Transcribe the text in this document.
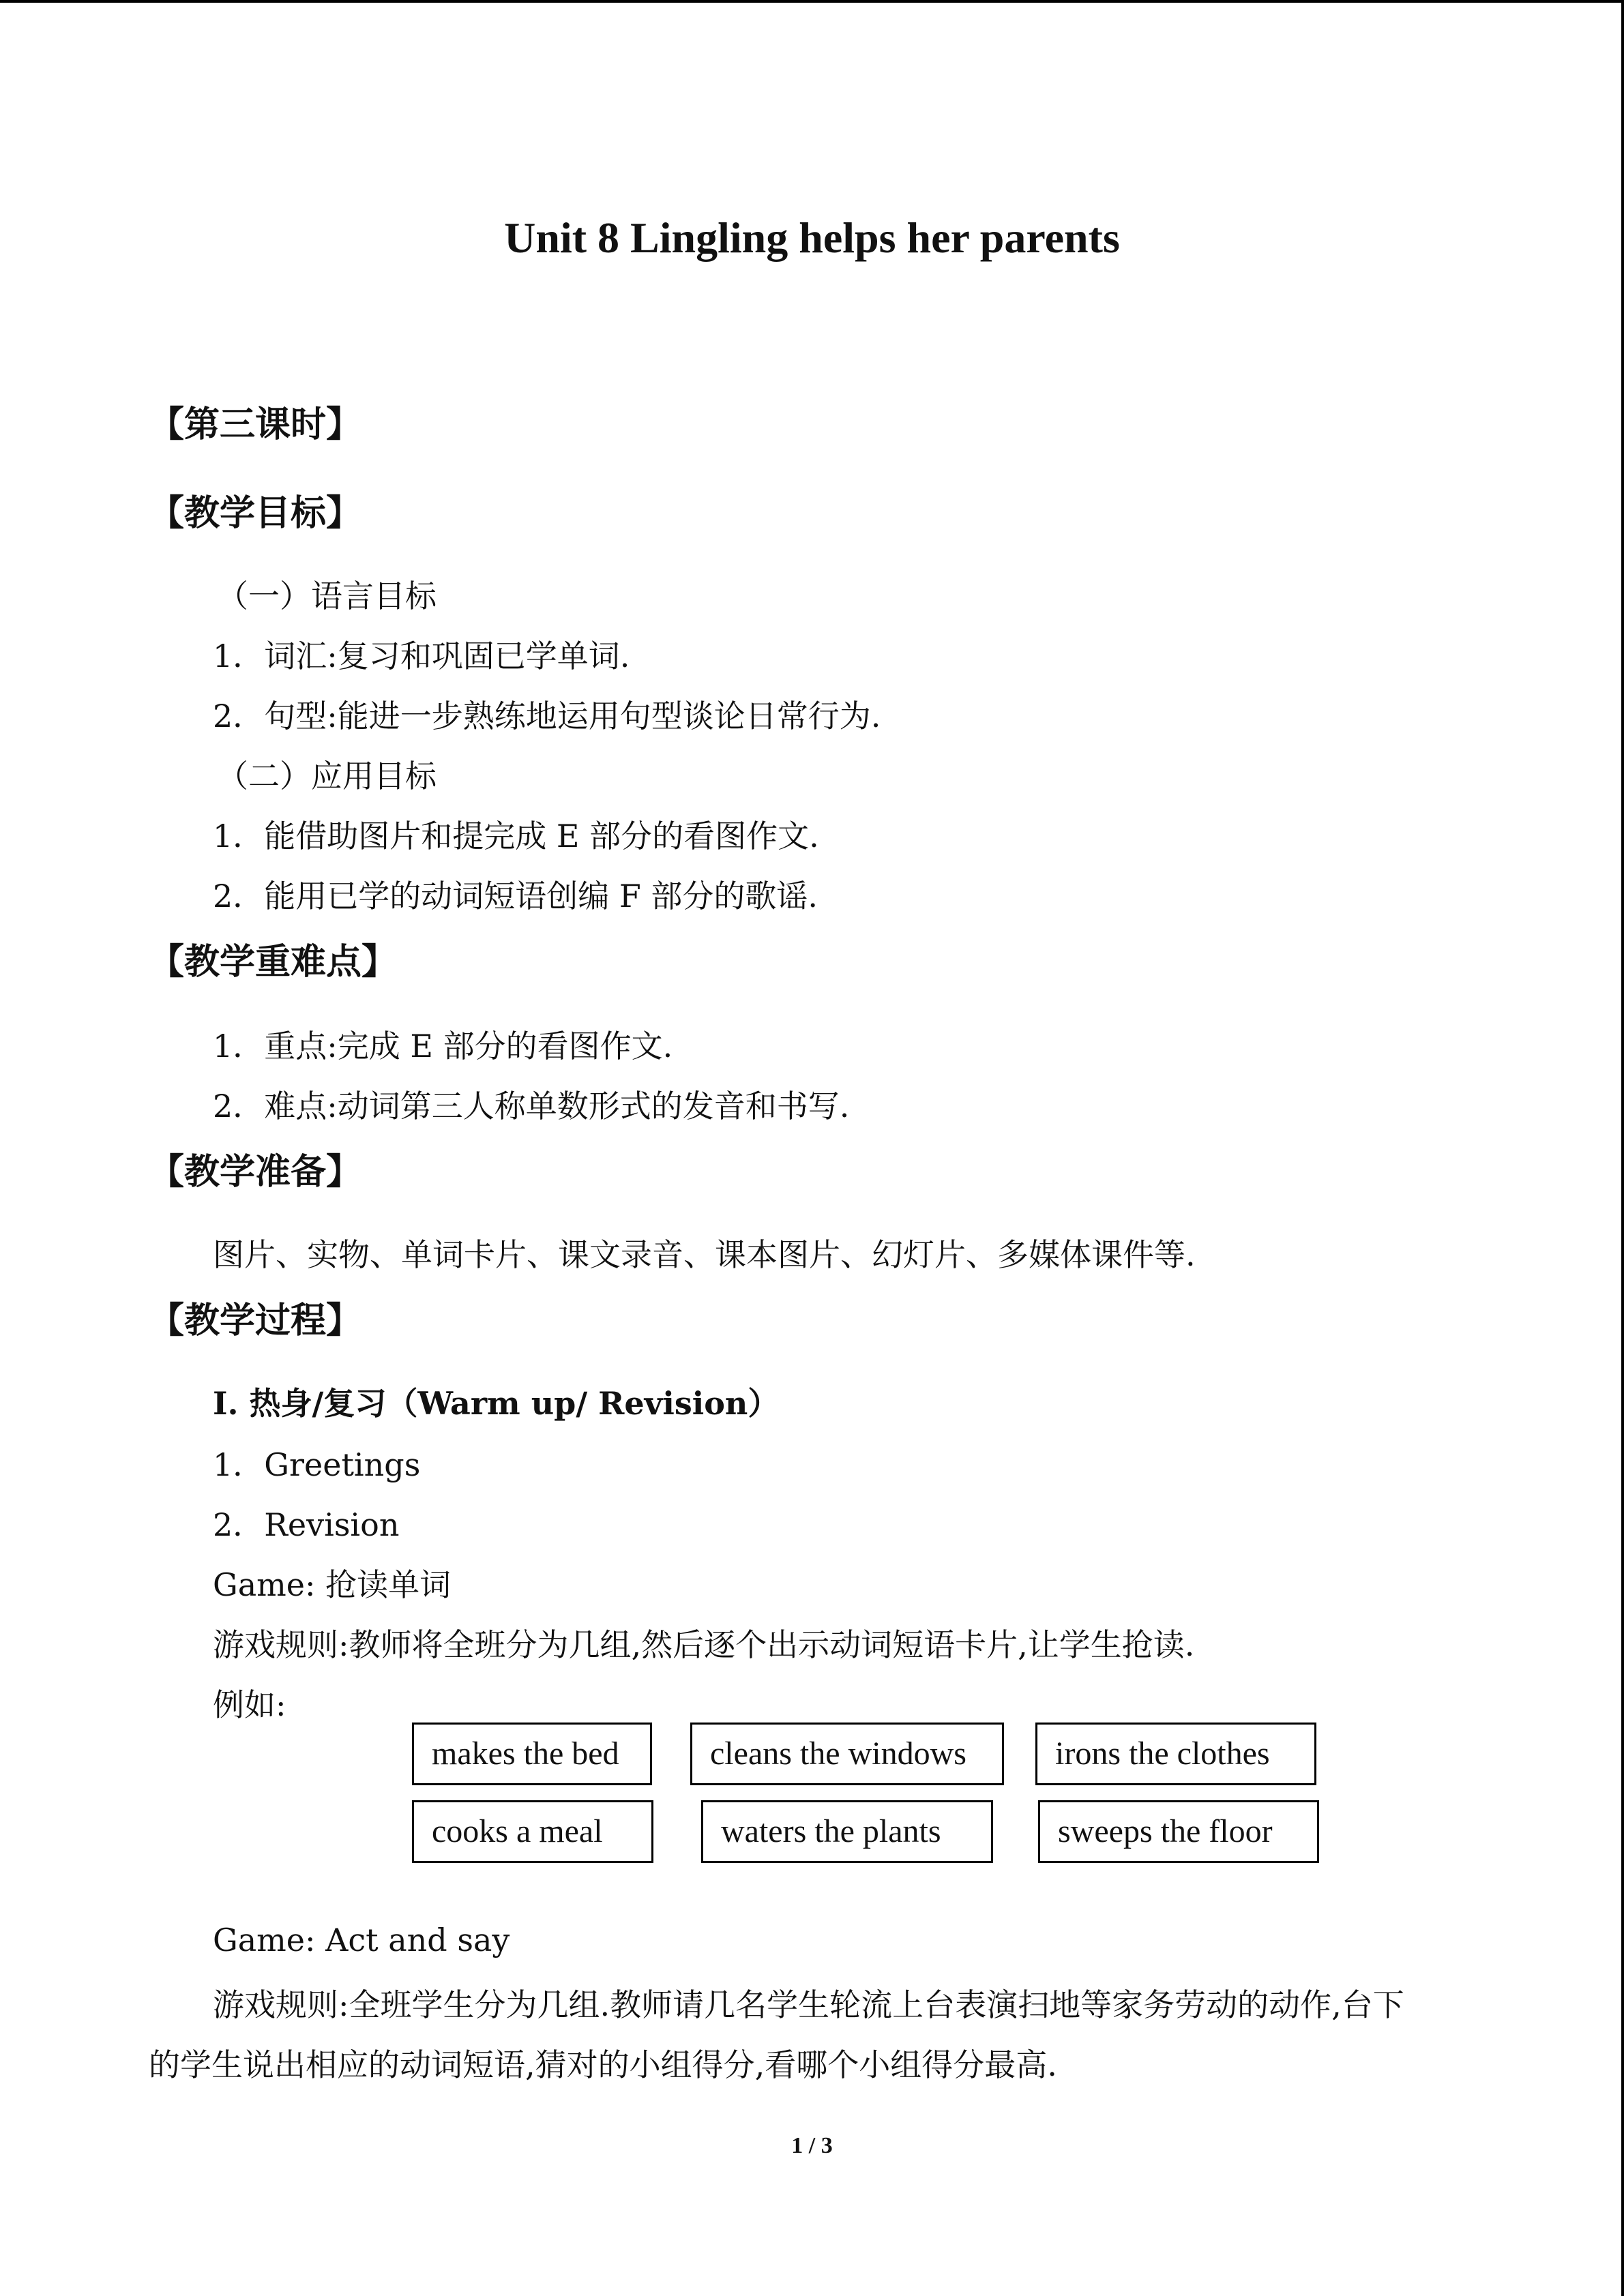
Unit 8 Lingling helps her parents
【第三课时】
【教学目标】
（一）语言目标
1．词汇:复习和巩固已学单词.
2．句型:能进一步熟练地运用句型谈论日常行为.
（二）应用目标
1．能借助图片和提完成 E 部分的看图作文.
2．能用已学的动词短语创编 F 部分的歌谣.
【教学重难点】
1．重点:完成 E 部分的看图作文.
2．难点:动词第三人称单数形式的发音和书写.
【教学准备】
图片、实物、单词卡片、课文录音、课本图片、幻灯片、多媒体课件等.
【教学过程】
I. 热身/复习（Warm up/ Revision）
1．Greetings
2．Revision
Game: 抢读单词
游戏规则:教师将全班分为几组,然后逐个出示动词短语卡片,让学生抢读.
例如:
makes the bed	cleans the windows	irons the clothes
cooks a meal	waters the plants	sweeps the floor
Game: Act and say
游戏规则:全班学生分为几组.教师请几名学生轮流上台表演扫地等家务劳动的动作,台下
的学生说出相应的动词短语,猜对的小组得分,看哪个小组得分最高.
1 / 3
